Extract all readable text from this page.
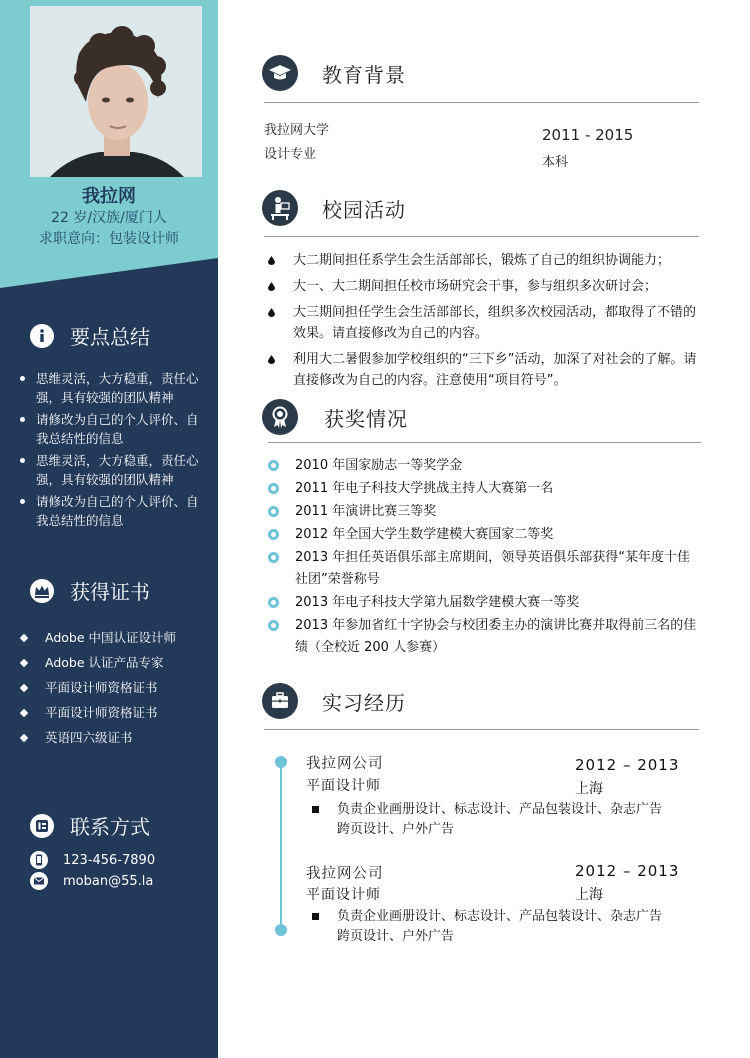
我拉网
22 岁/汉族/厦门人
求职意向：包装设计师
要点总结
思维灵活，大方稳重，责任心强，具有较强的团队精神
请修改为自己的个人评价、自我总结性的信息
思维灵活，大方稳重，责任心强，具有较强的团队精神
请修改为自己的个人评价、自我总结性的信息
获得证书
Adobe 中国认证设计师
Adobe 认证产品专家
平面设计师资格证书
平面设计师资格证书
英语四六级证书
联系方式
123-456-7890
moban@55.la
教育背景
我拉网大学
设计专业
2011 - 2015
本科
校园活动
大二期间担任系学生会生活部部长，锻炼了自己的组织协调能力；
大一、大二期间担任校市场研究会干事，参与组织多次研讨会；
大三期间担任学生会生活部部长，组织多次校园活动，都取得了不错的效果。请直接修改为自己的内容。
利用大二暑假参加学校组织的“三下乡”活动，加深了对社会的了解。请直接修改为自己的内容。注意使用“项目符号”。
获奖情况
2010 年国家励志一等奖学金
2011 年电子科技大学挑战主持人大赛第一名
2011 年演讲比赛三等奖
2012 年全国大学生数学建模大赛国家二等奖
2013 年担任英语俱乐部主席期间，领导英语俱乐部获得“某年度十佳社团”荣誉称号
2013 年电子科技大学第九届数学建模大赛一等奖
2013 年参加省红十字协会与校团委主办的演讲比赛并取得前三名的佳绩（全校近 200 人参赛）
实习经历
我拉网公司
平面设计师
2012 – 2013
上海
负责企业画册设计、标志设计、产品包装设计、杂志广告跨页设计、户外广告
我拉网公司
平面设计师
2012 – 2013
上海
负责企业画册设计、标志设计、产品包装设计、杂志广告跨页设计、户外广告
